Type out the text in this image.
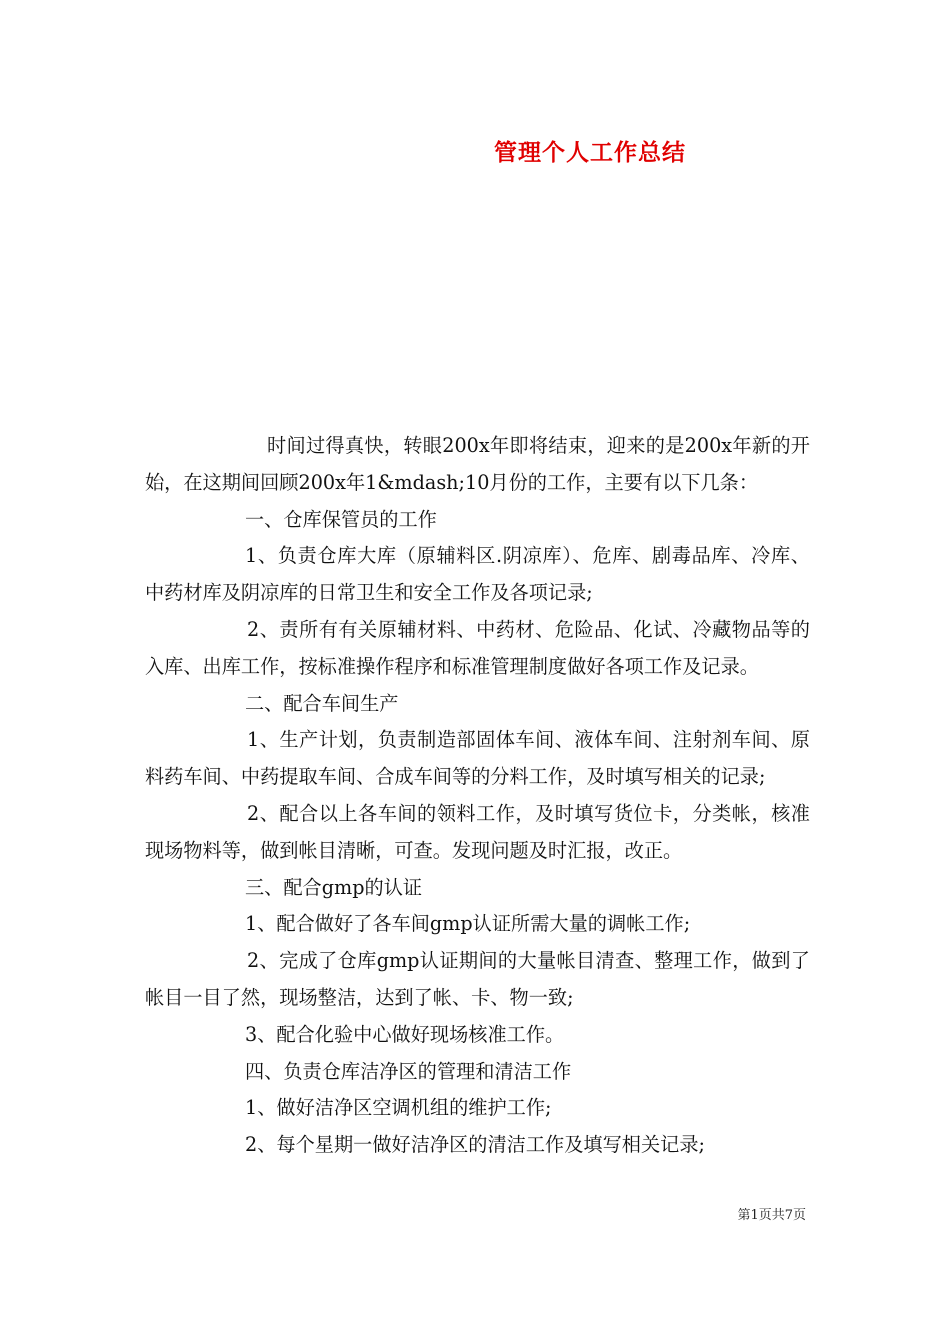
管理个人工作总结

时间过得真快，转眼200x年即将结束，迎来的是200x年新的开始，在这期间回顾200x年1&mdash;10月份的工作，主要有以下几条：

一、仓库保管员的工作

1、负责仓库大库（原辅料区.阴凉库）、危库、剧毒品库、冷库、中药材库及阴凉库的日常卫生和安全工作及各项记录;

2、责所有有关原辅材料、中药材、危险品、化试、冷藏物品等的入库、出库工作，按标准操作程序和标准管理制度做好各项工作及记录。

二、配合车间生产

1、生产计划，负责制造部固体车间、液体车间、注射剂车间、原料药车间、中药提取车间、合成车间等的分料工作，及时填写相关的记录;

2、配合以上各车间的领料工作，及时填写货位卡，分类帐，核准现场物料等，做到帐目清晰，可查。发现问题及时汇报，改正。

三、配合gmp的认证

1、配合做好了各车间gmp认证所需大量的调帐工作;

2、完成了仓库gmp认证期间的大量帐目清查、整理工作，做到了帐目一目了然，现场整洁，达到了帐、卡、物一致;

3、配合化验中心做好现场核准工作。

四、负责仓库洁净区的管理和清洁工作

1、做好洁净区空调机组的维护工作;

2、每个星期一做好洁净区的清洁工作及填写相关记录;

第1页共7页
